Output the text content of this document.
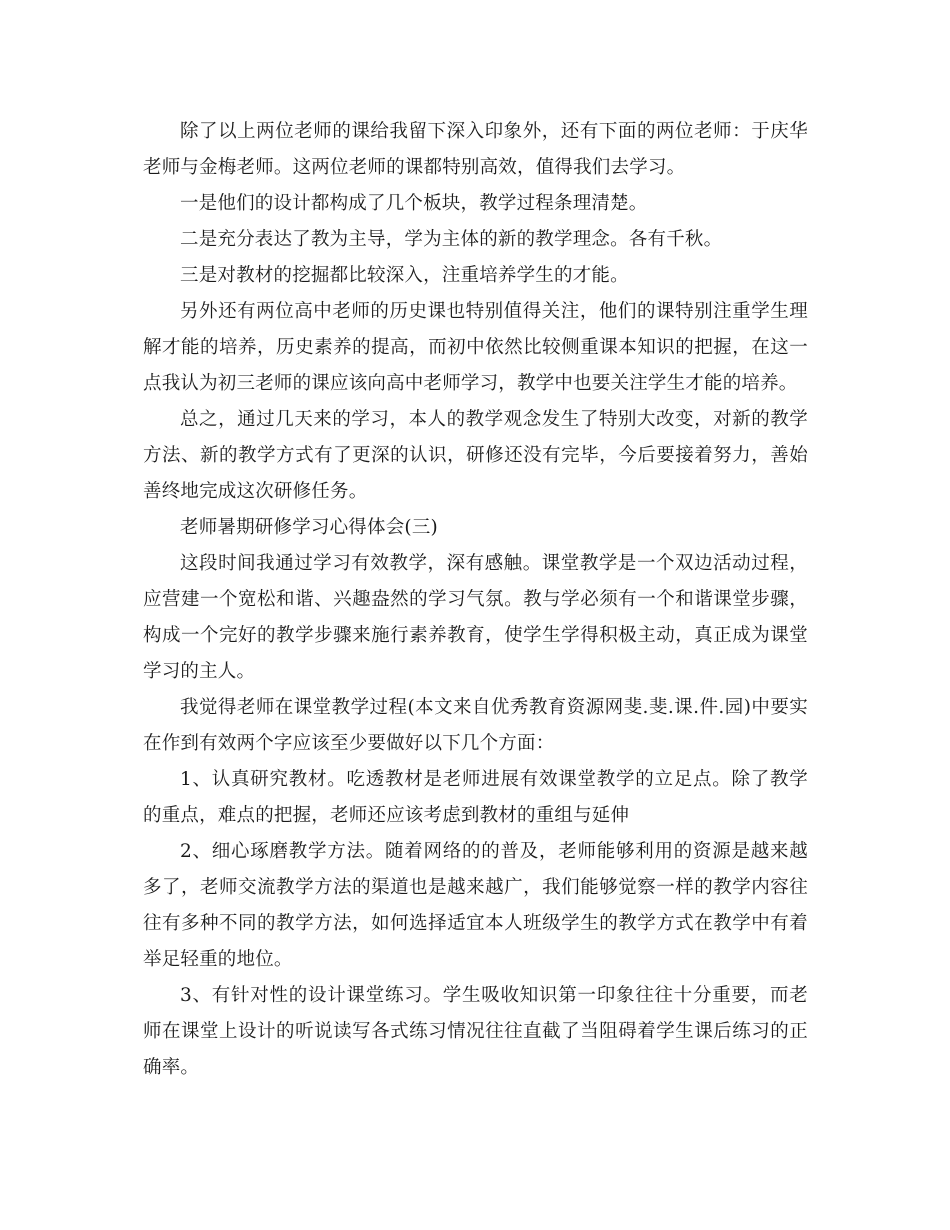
除了以上两位老师的课给我留下深入印象外，还有下面的两位老师：于庆华老师与金梅老师。这两位老师的课都特别高效，值得我们去学习。

一是他们的设计都构成了几个板块，教学过程条理清楚。

二是充分表达了教为主导，学为主体的新的教学理念。各有千秋。

三是对教材的挖掘都比较深入，注重培养学生的才能。

另外还有两位高中老师的历史课也特别值得关注，他们的课特别注重学生理解才能的培养，历史素养的提高，而初中依然比较侧重课本知识的把握，在这一点我认为初三老师的课应该向高中老师学习，教学中也要关注学生才能的培养。

总之，通过几天来的学习，本人的教学观念发生了特别大改变，对新的教学方法、新的教学方式有了更深的认识，研修还没有完毕，今后要接着努力，善始善终地完成这次研修任务。

老师暑期研修学习心得体会(三)

这段时间我通过学习有效教学，深有感触。课堂教学是一个双边活动过程，应营建一个宽松和谐、兴趣盎然的学习气氛。教与学必须有一个和谐课堂步骤，构成一个完好的教学步骤来施行素养教育，使学生学得积极主动，真正成为课堂学习的主人。

我觉得老师在课堂教学过程(本文来自优秀教育资源网斐.斐.课.件.园)中要实在作到有效两个字应该至少要做好以下几个方面：

1、认真研究教材。吃透教材是老师进展有效课堂教学的立足点。除了教学的重点，难点的把握，老师还应该考虑到教材的重组与延伸

2、细心琢磨教学方法。随着网络的的普及，老师能够利用的资源是越来越多了，老师交流教学方法的渠道也是越来越广，我们能够觉察一样的教学内容往往有多种不同的教学方法，如何选择适宜本人班级学生的教学方式在教学中有着举足轻重的地位。

3、有针对性的设计课堂练习。学生吸收知识第一印象往往十分重要，而老师在课堂上设计的听说读写各式练习情况往往直截了当阻碍着学生课后练习的正确率。
